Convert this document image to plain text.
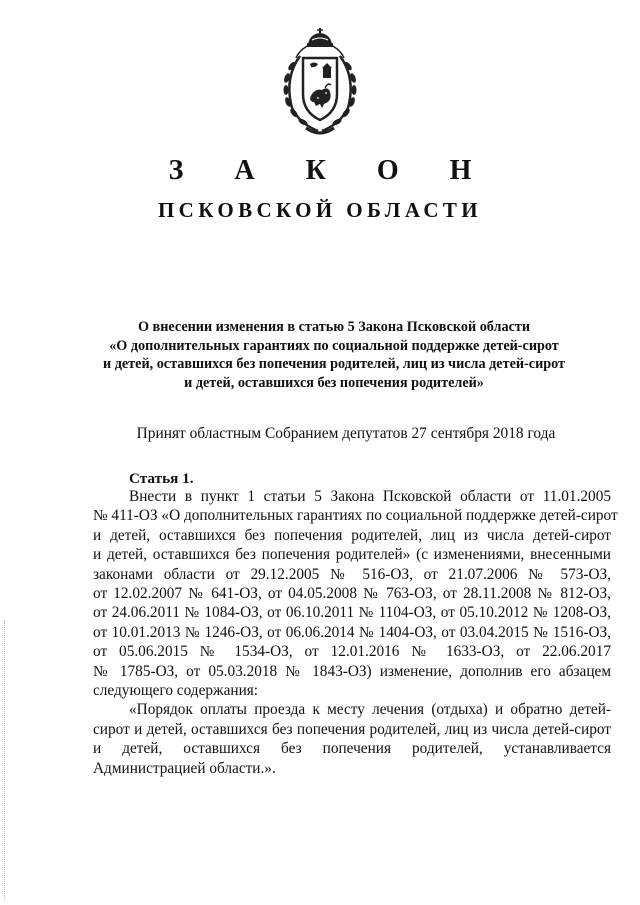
З А К О Н
ПСКОВСКОЙ ОБЛАСТИ
О внесении изменения в статью 5 Закона Псковской области
«О дополнительных гарантиях по социальной поддержке детей-сирот
и детей, оставшихся без попечения родителей, лиц из числа детей-сирот
и детей, оставшихся без попечения родителей»
Принят областным Собранием депутатов 27 сентября 2018 года
Статья 1.
Внести в пункт 1 статьи 5 Закона Псковской области от 11.01.2005
№ 411-ОЗ «О дополнительных гарантиях по социальной поддержке детей-сирот
и детей, оставшихся без попечения родителей, лиц из числа детей-сирот
и детей, оставшихся без попечения родителей» (с изменениями, внесенными
законами области от 29.12.2005 № 516-ОЗ, от 21.07.2006 № 573-ОЗ,
от 12.02.2007 № 641-ОЗ, от 04.05.2008 № 763-ОЗ, от 28.11.2008 № 812-ОЗ,
от 24.06.2011 № 1084-ОЗ, от 06.10.2011 № 1104-ОЗ, от 05.10.2012 № 1208-ОЗ,
от 10.01.2013 № 1246-ОЗ, от 06.06.2014 № 1404-ОЗ, от 03.04.2015 № 1516-ОЗ,
от 05.06.2015 № 1534-ОЗ, от 12.01.2016 № 1633-ОЗ, от 22.06.2017
№ 1785-ОЗ, от 05.03.2018 № 1843-ОЗ) изменение, дополнив его абзацем
следующего содержания:
«Порядок оплаты проезда к месту лечения (отдыха) и обратно детей-
сирот и детей, оставшихся без попечения родителей, лиц из числа детей-сирот
и детей, оставшихся без попечения родителей, устанавливается
Администрацией области.».
